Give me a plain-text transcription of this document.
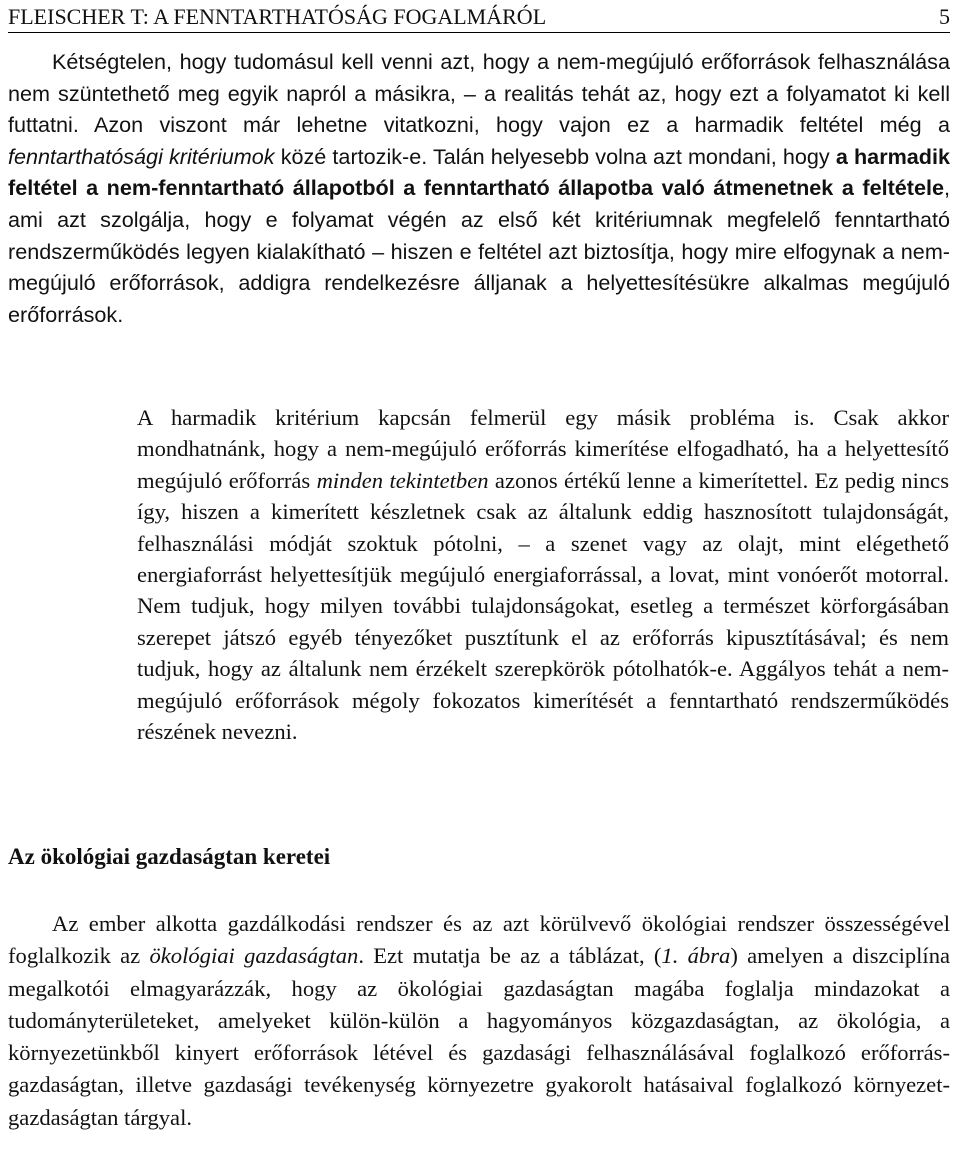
FLEISCHER T: A FENNTARTHATÓSÁG FOGALMÁRÓL	5
Kétségtelen, hogy tudomásul kell venni azt, hogy a nem-megújuló erőforrások felhasználása nem szüntethető meg egyik napról a másikra, – a realitás tehát az, hogy ezt a folyamatot ki kell futtatni. Azon viszont már lehetne vitatkozni, hogy vajon ez a harmadik feltétel még a fenntarthatósági kritériumok közé tartozik-e. Talán helyesebb volna azt mondani, hogy a harmadik feltétel a nem-fenntartható állapotból a fenntartható állapotba való átmenetnek a feltétele, ami azt szolgálja, hogy e folyamat végén az első két kritériumnak megfelelő fenntartható rendszerműködés legyen kialakítható – hiszen e feltétel azt biztosítja, hogy mire elfogynak a nem-megújuló erőforrások, addigra rendelkezésre álljanak a helyettesítésükre alkalmas megújuló erőforrások.
A harmadik kritérium kapcsán felmerül egy másik probléma is. Csak akkor mondhatnánk, hogy a nem-megújuló erőforrás kimerítése elfogadható, ha a helyettesítő megújuló erőforrás minden tekintetben azonos értékű lenne a kimerítettel. Ez pedig nincs így, hiszen a kimerített készletnek csak az általunk eddig hasznosított tulajdonságát, felhasználási módját szoktuk pótolni, – a szenet vagy az olajt, mint elégethető energiaforrást helyettesítjük megújuló energiaforrással, a lovat, mint vonóerőt motorral. Nem tudjuk, hogy milyen további tulajdonságokat, esetleg a természet körforgásában szerepet játszó egyéb tényezőket pusztítunk el az erőforrás kipusztításával; és nem tudjuk, hogy az általunk nem érzékelt szerepkörök pótolhatók-e. Aggályos tehát a nem-megújuló erőforrások mégoly fokozatos kimerítését a fenntartható rendszerműködés részének nevezni.
Az ökológiai gazdaságtan keretei
Az ember alkotta gazdálkodási rendszer és az azt körülvevő ökológiai rendszer összességével foglalkozik az ökológiai gazdaságtan. Ezt mutatja be az a táblázat, (1. ábra) amelyen a diszciplína megalkotói elmagyarázzák, hogy az ökológiai gazdaságtan magába foglalja mindazokat a tudományterületeket, amelyeket külön-külön a hagyományos közgazdaságtan, az ökológia, a környezetünkből kinyert erőforrások létével és gazdasági felhasználásával foglalkozó erőforrás-gazdaságtan, illetve gazdasági tevékenység környezetre gyakorolt hatásaival foglalkozó környezet-gazdaságtan tárgyal.
